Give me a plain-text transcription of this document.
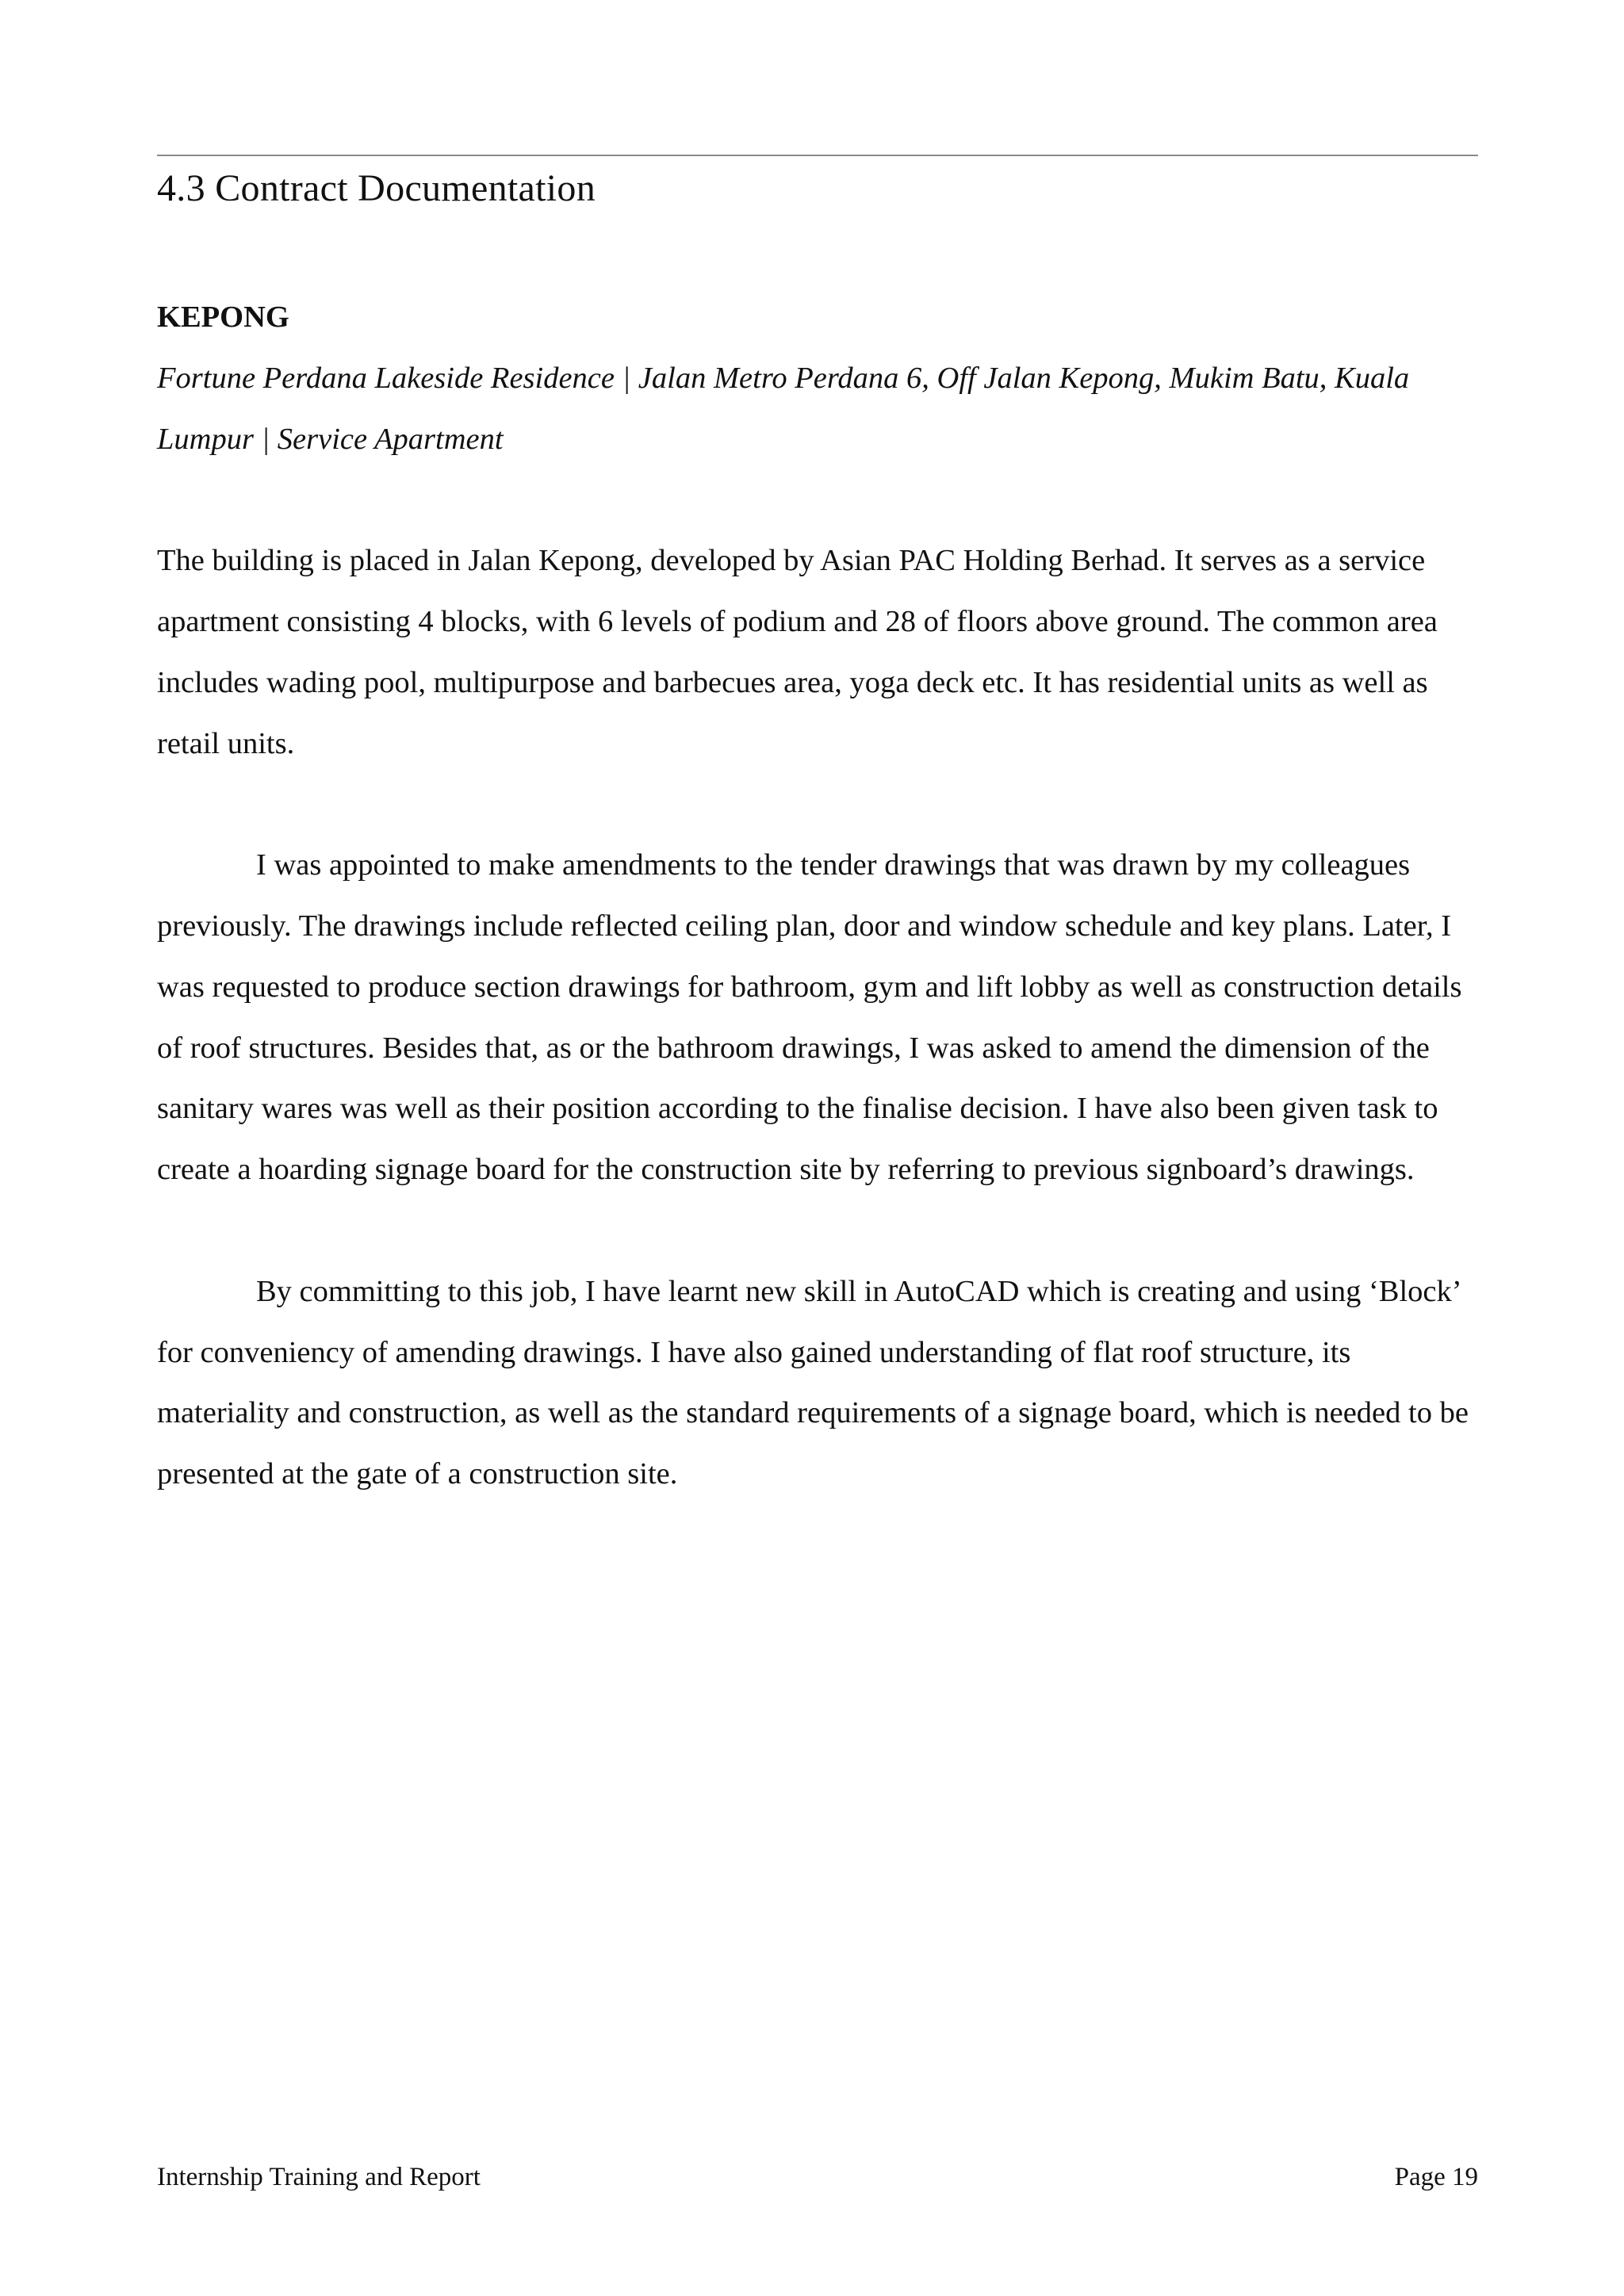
4.3 Contract Documentation

KEPONG

Fortune Perdana Lakeside Residence | Jalan Metro Perdana 6, Off Jalan Kepong, Mukim Batu, Kuala Lumpur | Service Apartment

The building is placed in Jalan Kepong, developed by Asian PAC Holding Berhad. It serves as a service apartment consisting 4 blocks, with 6 levels of podium and 28 of floors above ground. The common area includes wading pool, multipurpose and barbecues area, yoga deck etc. It has residential units as well as retail units.

I was appointed to make amendments to the tender drawings that was drawn by my colleagues previously. The drawings include reflected ceiling plan, door and window schedule and key plans. Later, I was requested to produce section drawings for bathroom, gym and lift lobby as well as construction details of roof structures. Besides that, as or the bathroom drawings, I was asked to amend the dimension of the sanitary wares was well as their position according to the finalise decision. I have also been given task to create a hoarding signage board for the construction site by referring to previous signboard’s drawings.

By committing to this job, I have learnt new skill in AutoCAD which is creating and using ‘Block’ for conveniency of amending drawings. I have also gained understanding of flat roof structure, its materiality and construction, as well as the standard requirements of a signage board, which is needed to be presented at the gate of a construction site.

Internship Training and Report	Page 19
